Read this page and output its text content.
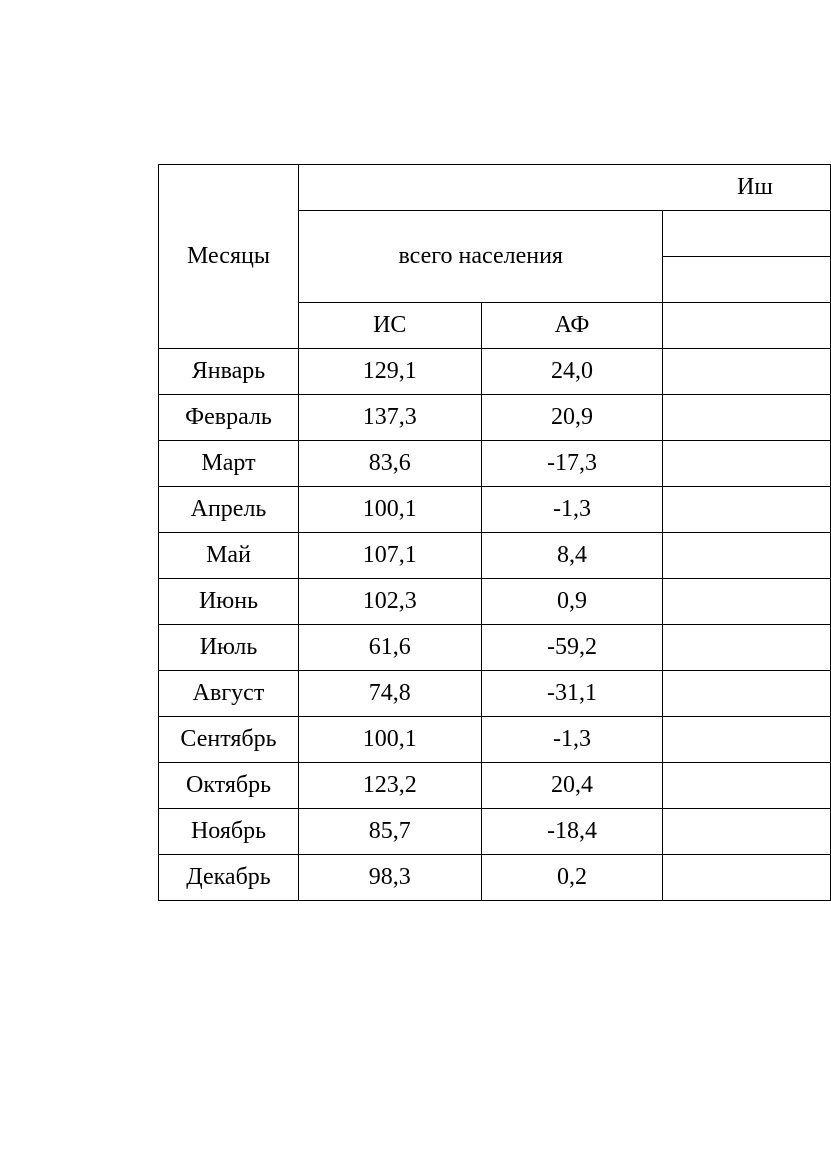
Месяцы	Иш		
	всего населения		

	ИС	АФ	
Январь	129,1	24,0	
Февраль	137,3	20,9	
Март	83,6	-17,3	
Апрель	100,1	-1,3	
Май	107,1	8,4	
Июнь	102,3	0,9	
Июль	61,6	-59,2	
Август	74,8	-31,1	
Сентябрь	100,1	-1,3	
Октябрь	123,2	20,4	
Ноябрь	85,7	-18,4	
Декабрь	98,3	0,2	
